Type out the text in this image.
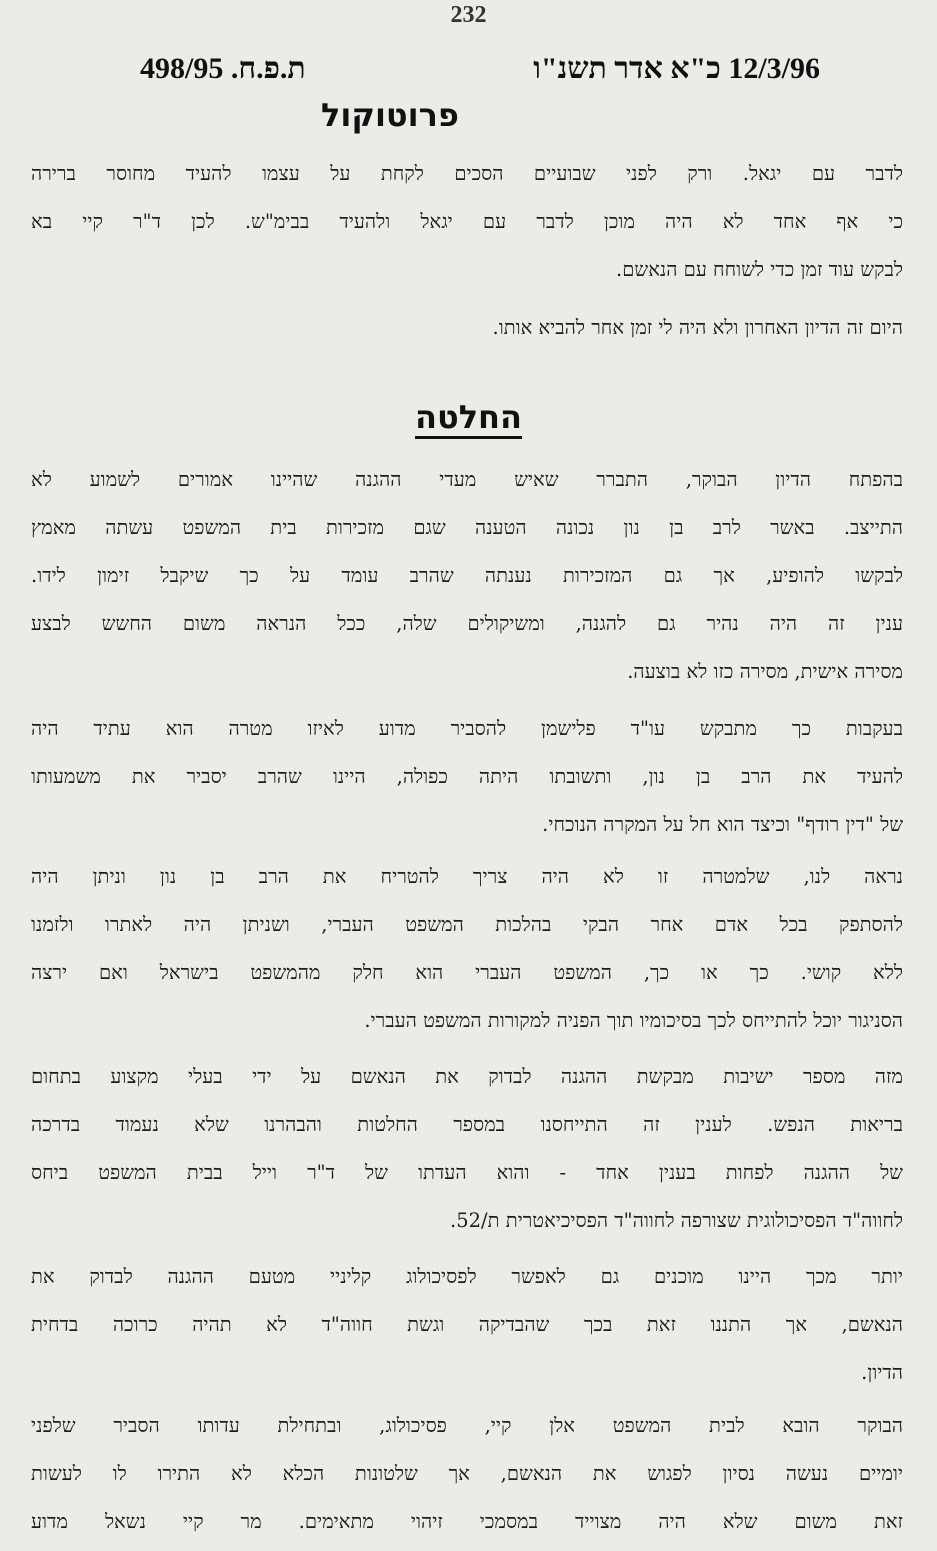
232
ת.פ.ח. 498/95	12/3/96 כ"א אדר תשנ"ו
פרוטוקול
לדבר עם יגאל. ורק לפני שבועיים הסכים לקחת על עצמו להעיד מחוסר ברירה
כי אף אחד לא היה מוכן לדבר עם יגאל ולהעיד בבימ"ש. לכן ד"ר קיי בא
לבקש עוד זמן כדי לשוחח עם הנאשם.
היום זה הדיון האחרון ולא היה לי זמן אחר להביא אותו.
החלטה
בהפתח הדיון הבוקר, התברר שאיש מעדי ההגנה שהיינו אמורים לשמוע לא
התייצב. באשר לרב בן נון נכונה הטענה שגם מזכירות בית המשפט עשתה מאמץ
לבקשו להופיע, אך גם המזכירות נענתה שהרב עומד על כך שיקבל זימון לידו.
ענין זה היה נהיר גם להגנה, ומשיקולים שלה, ככל הנראה משום החשש לבצע
מסירה אישית, מסירה כזו לא בוצעה.
בעקבות כך מתבקש עו"ד פלישמן להסביר מדוע לאיזו מטרה הוא עתיד היה
להעיד את הרב בן נון, ותשובתו היתה כפולה, היינו שהרב יסביר את משמעותו
של "דין רודף" וכיצד הוא חל על המקרה הנוכחי.
נראה לנו, שלמטרה זו לא היה צריך להטריח את הרב בן נון וניתן היה
להסתפק בכל אדם אחר הבקי בהלכות המשפט העברי, ושניתן היה לאתרו ולזמנו
ללא קושי. כך או כך, המשפט העברי הוא חלק מהמשפט בישראל ואם ירצה
הסניגור יוכל להתייחס לכך בסיכומיו תוך הפניה למקורות המשפט העברי.
מזה מספר ישיבות מבקשת ההגנה לבדוק את הנאשם על ידי בעלי מקצוע בתחום
בריאות הנפש. לענין זה התייחסנו במספר החלטות והבהרנו שלא נעמוד בדרכה
של ההגנה לפחות בענין אחד - והוא העדתו של ד"ר וייל בבית המשפט ביחס
לחווה"ד הפסיכולוגית שצורפה לחווה"ד הפסיכיאטרית ת/52.
יותר מכך היינו מוכנים גם לאפשר לפסיכולוג קליניי מטעם ההגנה לבדוק את
הנאשם, אך התננו זאת בכך שהבדיקה וגשת חווה"ד לא תהיה כרוכה בדחית
הדיון.
הבוקר הובא לבית המשפט אלן קיי, פסיכולוג, ובתחילת עדותו הסביר שלפני
יומיים נעשה נסיון לפגוש את הנאשם, אך שלטונות הכלא לא התירו לו לעשות
זאת משום שלא היה מצוייד במסמכי זיהוי מתאימים. מר קיי נשאל מדוע
